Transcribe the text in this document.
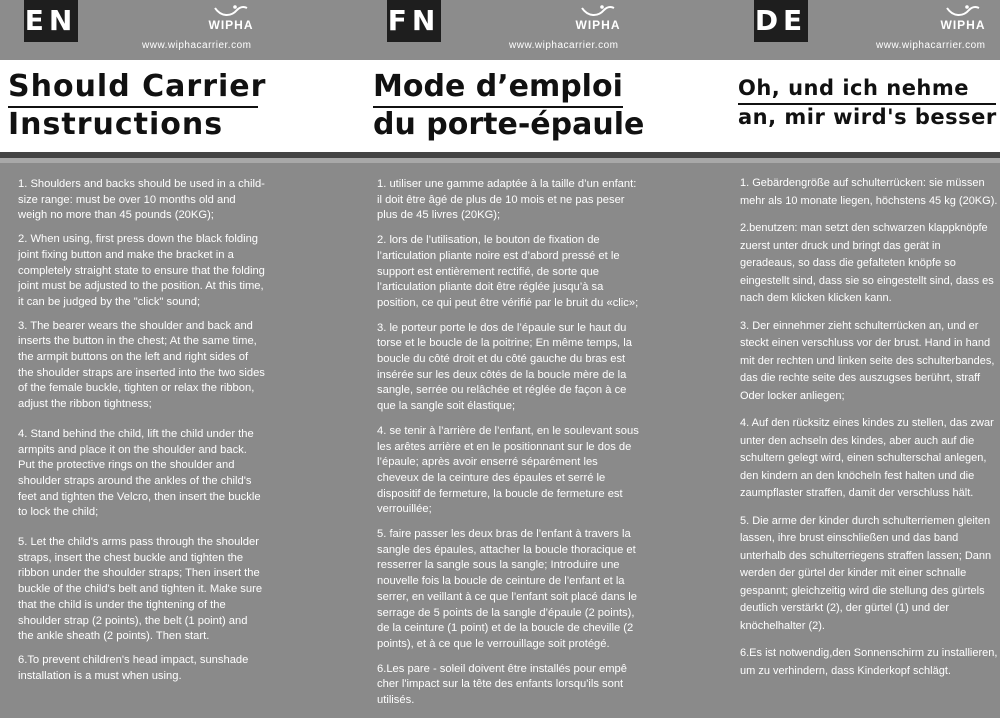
EN	WIPHA
www.wiphacarrier.com
Should Carrier
Instructions

1. Shoulders and backs should be used in a child-size range: must be over 10 months old and weigh no more than 45 pounds (20KG);

2. When using, first press down the black folding joint fixing button and make the bracket in a completely straight state to ensure that the folding joint must be adjusted to the position. At this time, it can be judged by the "click" sound;

3. The bearer wears the shoulder and back and inserts the button in the chest; At the same time, the armpit buttons on the left and right sides of the shoulder straps are inserted into the two sides of the female buckle, tighten or relax the ribbon, adjust the ribbon tightness;

4. Stand behind the child, lift the child under the armpits and place it on the shoulder and back. Put the protective rings on the shoulder and shoulder straps around the ankles of the child's feet and tighten the Velcro, then insert the buckle to lock the child;

5. Let the child's arms pass through the shoulder straps, insert the chest buckle and tighten the ribbon under the shoulder straps; Then insert the buckle of the child's belt and tighten it. Make sure that the child is under the tightening of the shoulder strap (2 points), the belt (1 point) and the ankle sheath (2 points). Then start.

6.To prevent children's head impact, sunshade installation is a must when using.

FN	WIPHA
www.wiphacarrier.com
Mode d’emploi
du porte-épaule

1. utiliser une gamme adaptée à la taille d’un enfant: il doit être âgé de plus de 10 mois et ne pas peser plus de 45 livres (20KG);

2. lors de l’utilisation, le bouton de fixation de l’articulation pliante noire est d’abord pressé et le support est entièrement rectifié, de sorte que l’articulation pliante doit être réglée jusqu’à sa position, ce qui peut être vérifié par le bruit du «clic»;

3. le porteur porte le dos de l’épaule sur le haut du torse et le boucle de la poitrine; En même temps, la boucle du côté droit et du côté gauche du bras est insérée sur les deux côtés de la boucle mère de la sangle, serrée ou relâchée et réglée de façon à ce que la sangle soit élastique;

4. se tenir à l’arrière de l’enfant, en le soulevant sous les arêtes arrière et en le positionnant sur le dos de l’épaule; après avoir enserré séparément les cheveux de la ceinture des épaules et serré le dispositif de fermeture, la boucle de fermeture est verrouillée;

5. faire passer les deux bras de l’enfant à travers la sangle des épaules, attacher la boucle thoracique et resserrer la sangle sous la sangle; Introduire une nouvelle fois la boucle de ceinture de l’enfant et la serrer, en veillant à ce que l’enfant soit placé dans le serrage de 5 points de la sangle d’épaule (2 points), de la ceinture (1 point) et de la boucle de cheville (2 points), et à ce que le verrouillage soit protégé.

6.Les pare - soleil doivent être installés pour empê cher l'impact sur la tête des enfants lorsqu'ils sont utilisés.

DE	WIPHA
www.wiphacarrier.com
Oh, und ich nehme
an, mir wird's besser

1. Gebärdengröße auf schulterrücken: sie müssen mehr als 10 monate liegen, höchstens 45 kg (20KG).

2.benutzen: man setzt den schwarzen klappknöpfe zuerst unter druck und bringt das gerät in geradeaus, so dass die gefalteten knöpfe so eingestellt sind, dass sie so eingestellt sind, dass es nach dem klicken klicken kann.

3. Der einnehmer zieht schulterrücken an, und er steckt einen verschluss vor der brust. Hand in hand mit der rechten und linken seite des schulterbandes, das die rechte seite des auszugses berührt, straff Oder locker anliegen;

4. Auf den rücksitz eines kindes zu stellen, das zwar unter den achseln des kindes, aber auch auf die schultern gelegt wird, einen schulterschal anlegen, den kindern an den knöcheln fest halten und die zaumpflaster straffen, damit der verschluss hält.

5. Die arme der kinder durch schulterriemen gleiten lassen, ihre brust einschließen und das band unterhalb des schulterriegens straffen lassen; Dann werden der gürtel der kinder mit einer schnalle gespannt; gleichzeitig wird die stellung des gürtels deutlich verstärkt (2), der gürtel (1) und der knöchelhalter (2).

6.Es ist notwendig,den Sonnenschirm zu installieren, um zu verhindern, dass Kinderkopf schlägt.
